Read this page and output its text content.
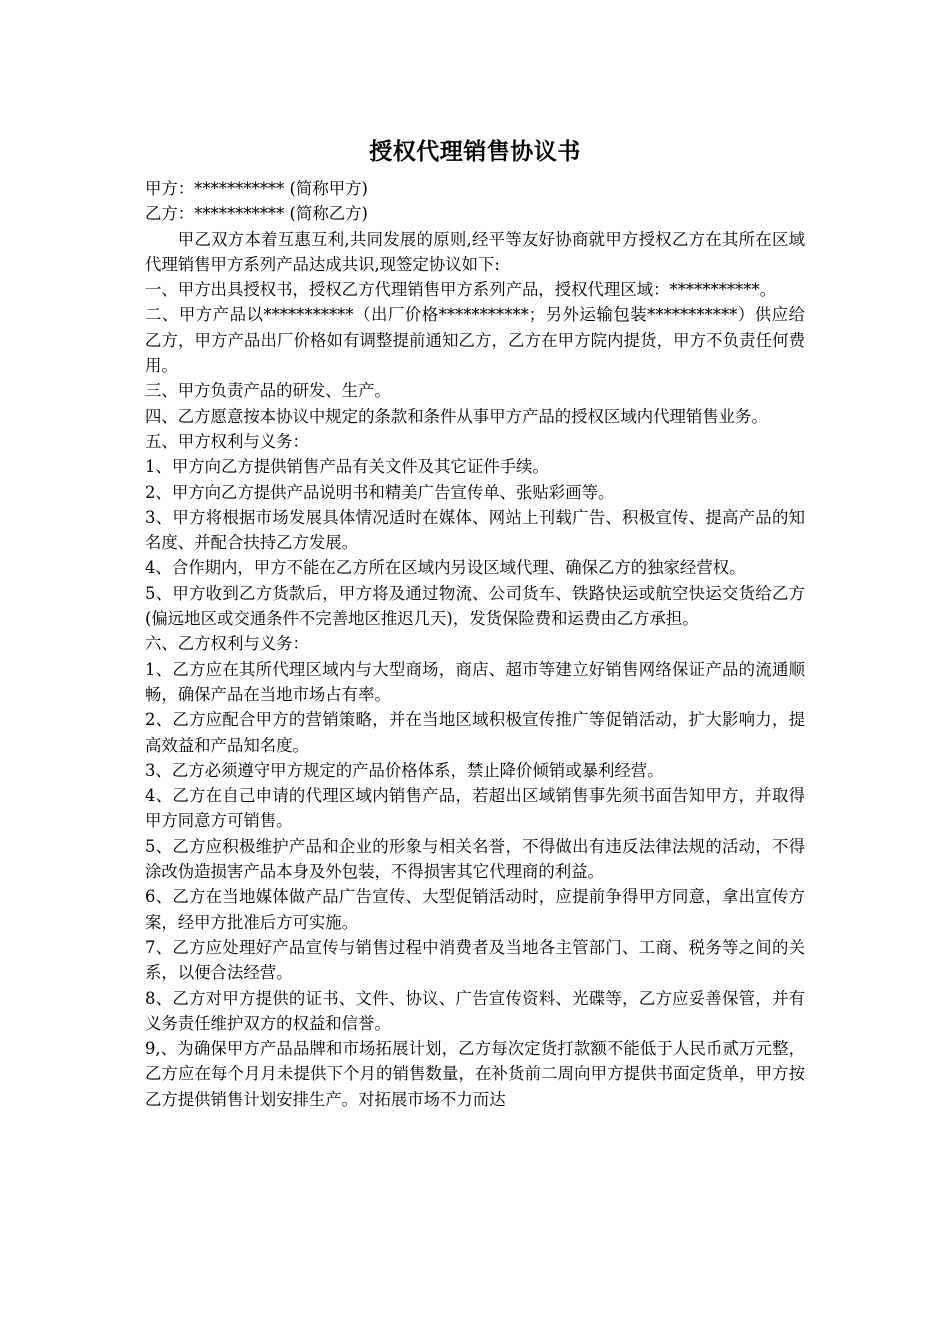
授权代理销售协议书

甲方：*********** (简称甲方)

乙方：*********** (简称乙方)

甲乙双方本着互惠互利,共同发展的原则,经平等友好协商就甲方授权乙方在其所在区域代理销售甲方系列产品达成共识,现签定协议如下:

一、甲方出具授权书，授权乙方代理销售甲方系列产品，授权代理区域：***********。

二、甲方产品以***********（出厂价格***********；另外运输包装***********）供应给乙方，甲方产品出厂价格如有调整提前通知乙方，乙方在甲方院内提货，甲方不负责任何费用。

三、甲方负责产品的研发、生产。

四、乙方愿意按本协议中规定的条款和条件从事甲方产品的授权区域内代理销售业务。

五、甲方权利与义务：

1、甲方向乙方提供销售产品有关文件及其它证件手续。

2、甲方向乙方提供产品说明书和精美广告宣传单、张贴彩画等。

3、甲方将根据市场发展具体情况适时在媒体、网站上刊载广告、积极宣传、提高产品的知名度、并配合扶持乙方发展。

4、合作期内，甲方不能在乙方所在区域内另设区域代理、确保乙方的独家经营权。

5、甲方收到乙方货款后，甲方将及通过物流、公司货车、铁路快运或航空快运交货给乙方(偏远地区或交通条件不完善地区推迟几天)，发货保险费和运费由乙方承担。

六、乙方权利与义务：

1、乙方应在其所代理区域内与大型商场，商店、超市等建立好销售网络保证产品的流通顺畅，确保产品在当地市场占有率。

2、乙方应配合甲方的营销策略，并在当地区域积极宣传推广等促销活动，扩大影响力，提高效益和产品知名度。

3、乙方必须遵守甲方规定的产品价格体系，禁止降价倾销或暴利经营。

4、乙方在自己申请的代理区域内销售产品，若超出区域销售事先须书面告知甲方，并取得甲方同意方可销售。

5、乙方应积极维护产品和企业的形象与相关名誉，不得做出有违反法律法规的活动，不得涂改伪造损害产品本身及外包装，不得损害其它代理商的利益。

6、乙方在当地媒体做产品广告宣传、大型促销活动时，应提前争得甲方同意，拿出宣传方案，经甲方批准后方可实施。

7、乙方应处理好产品宣传与销售过程中消费者及当地各主管部门、工商、税务等之间的关系，以便合法经营。

8、乙方对甲方提供的证书、文件、协议、广告宣传资料、光碟等，乙方应妥善保管，并有义务责任维护双方的权益和信誉。

9,、为确保甲方产品品牌和市场拓展计划，乙方每次定货打款额不能低于人民币贰万元整，乙方应在每个月月未提供下个月的销售数量，在补货前二周向甲方提供书面定货单，甲方按乙方提供销售计划安排生产。对拓展市场不力而达
